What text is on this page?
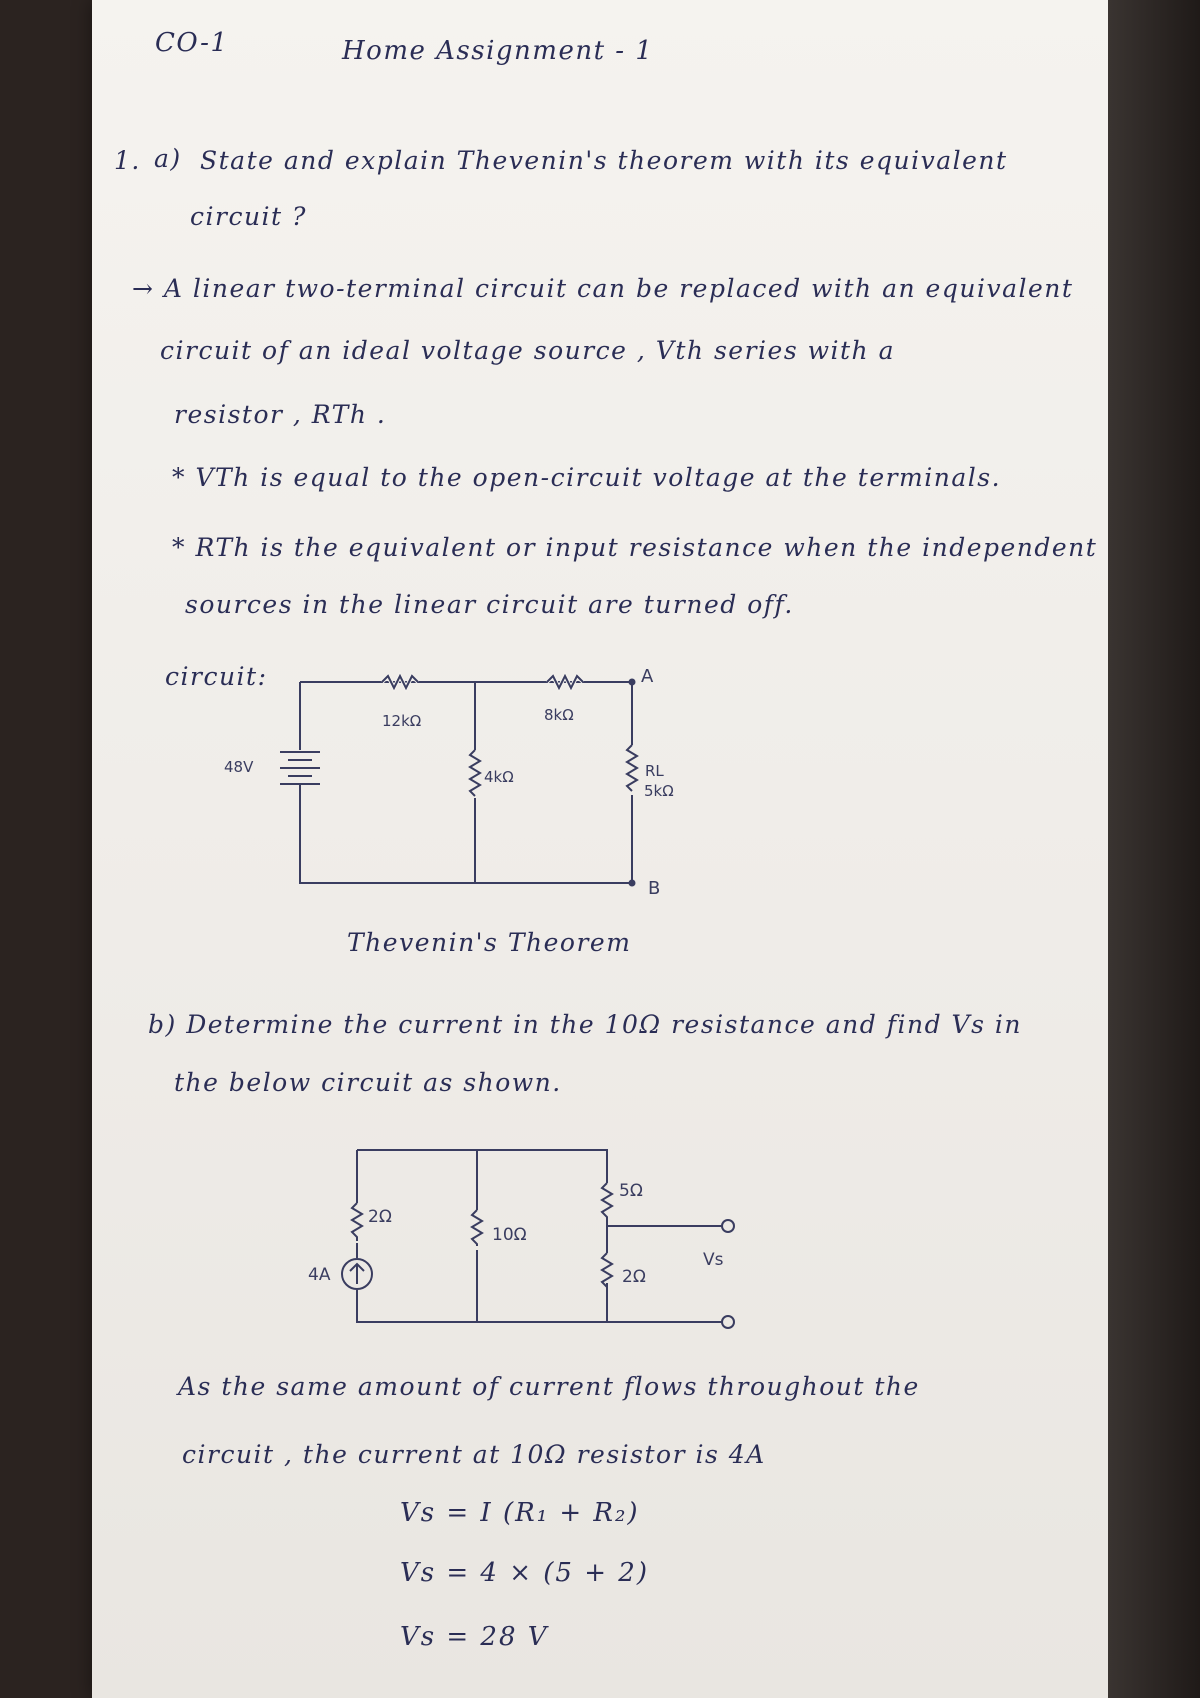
CO-1	Home Assignment - 1
1. a) State and explain Thevenin's theorem with its equivalent
circuit ?
→ A linear two-terminal circuit can be replaced with an equivalent
circuit of an ideal voltage source , Vth series with a
resistor , RTh .
* VTh is equal to the open-circuit voltage at the terminals.
* RTh is the equivalent or input resistance when the independent
sources in the linear circuit are turned off.
circuit:
12kΩ	8kΩ
4kΩ	RL
5kΩ
48V
A
B
2Ω
10Ω
5Ω
2Ω
4A
Vs
Thevenin's Theorem
b) Determine the current in the 10Ω resistance and find Vs in
the below circuit as shown.
As the same amount of current flows throughout the
circuit , the current at 10Ω resistor is 4A
Vs = I (R₁ + R₂)
Vs = 4 × (5 + 2)
Vs = 28 V
